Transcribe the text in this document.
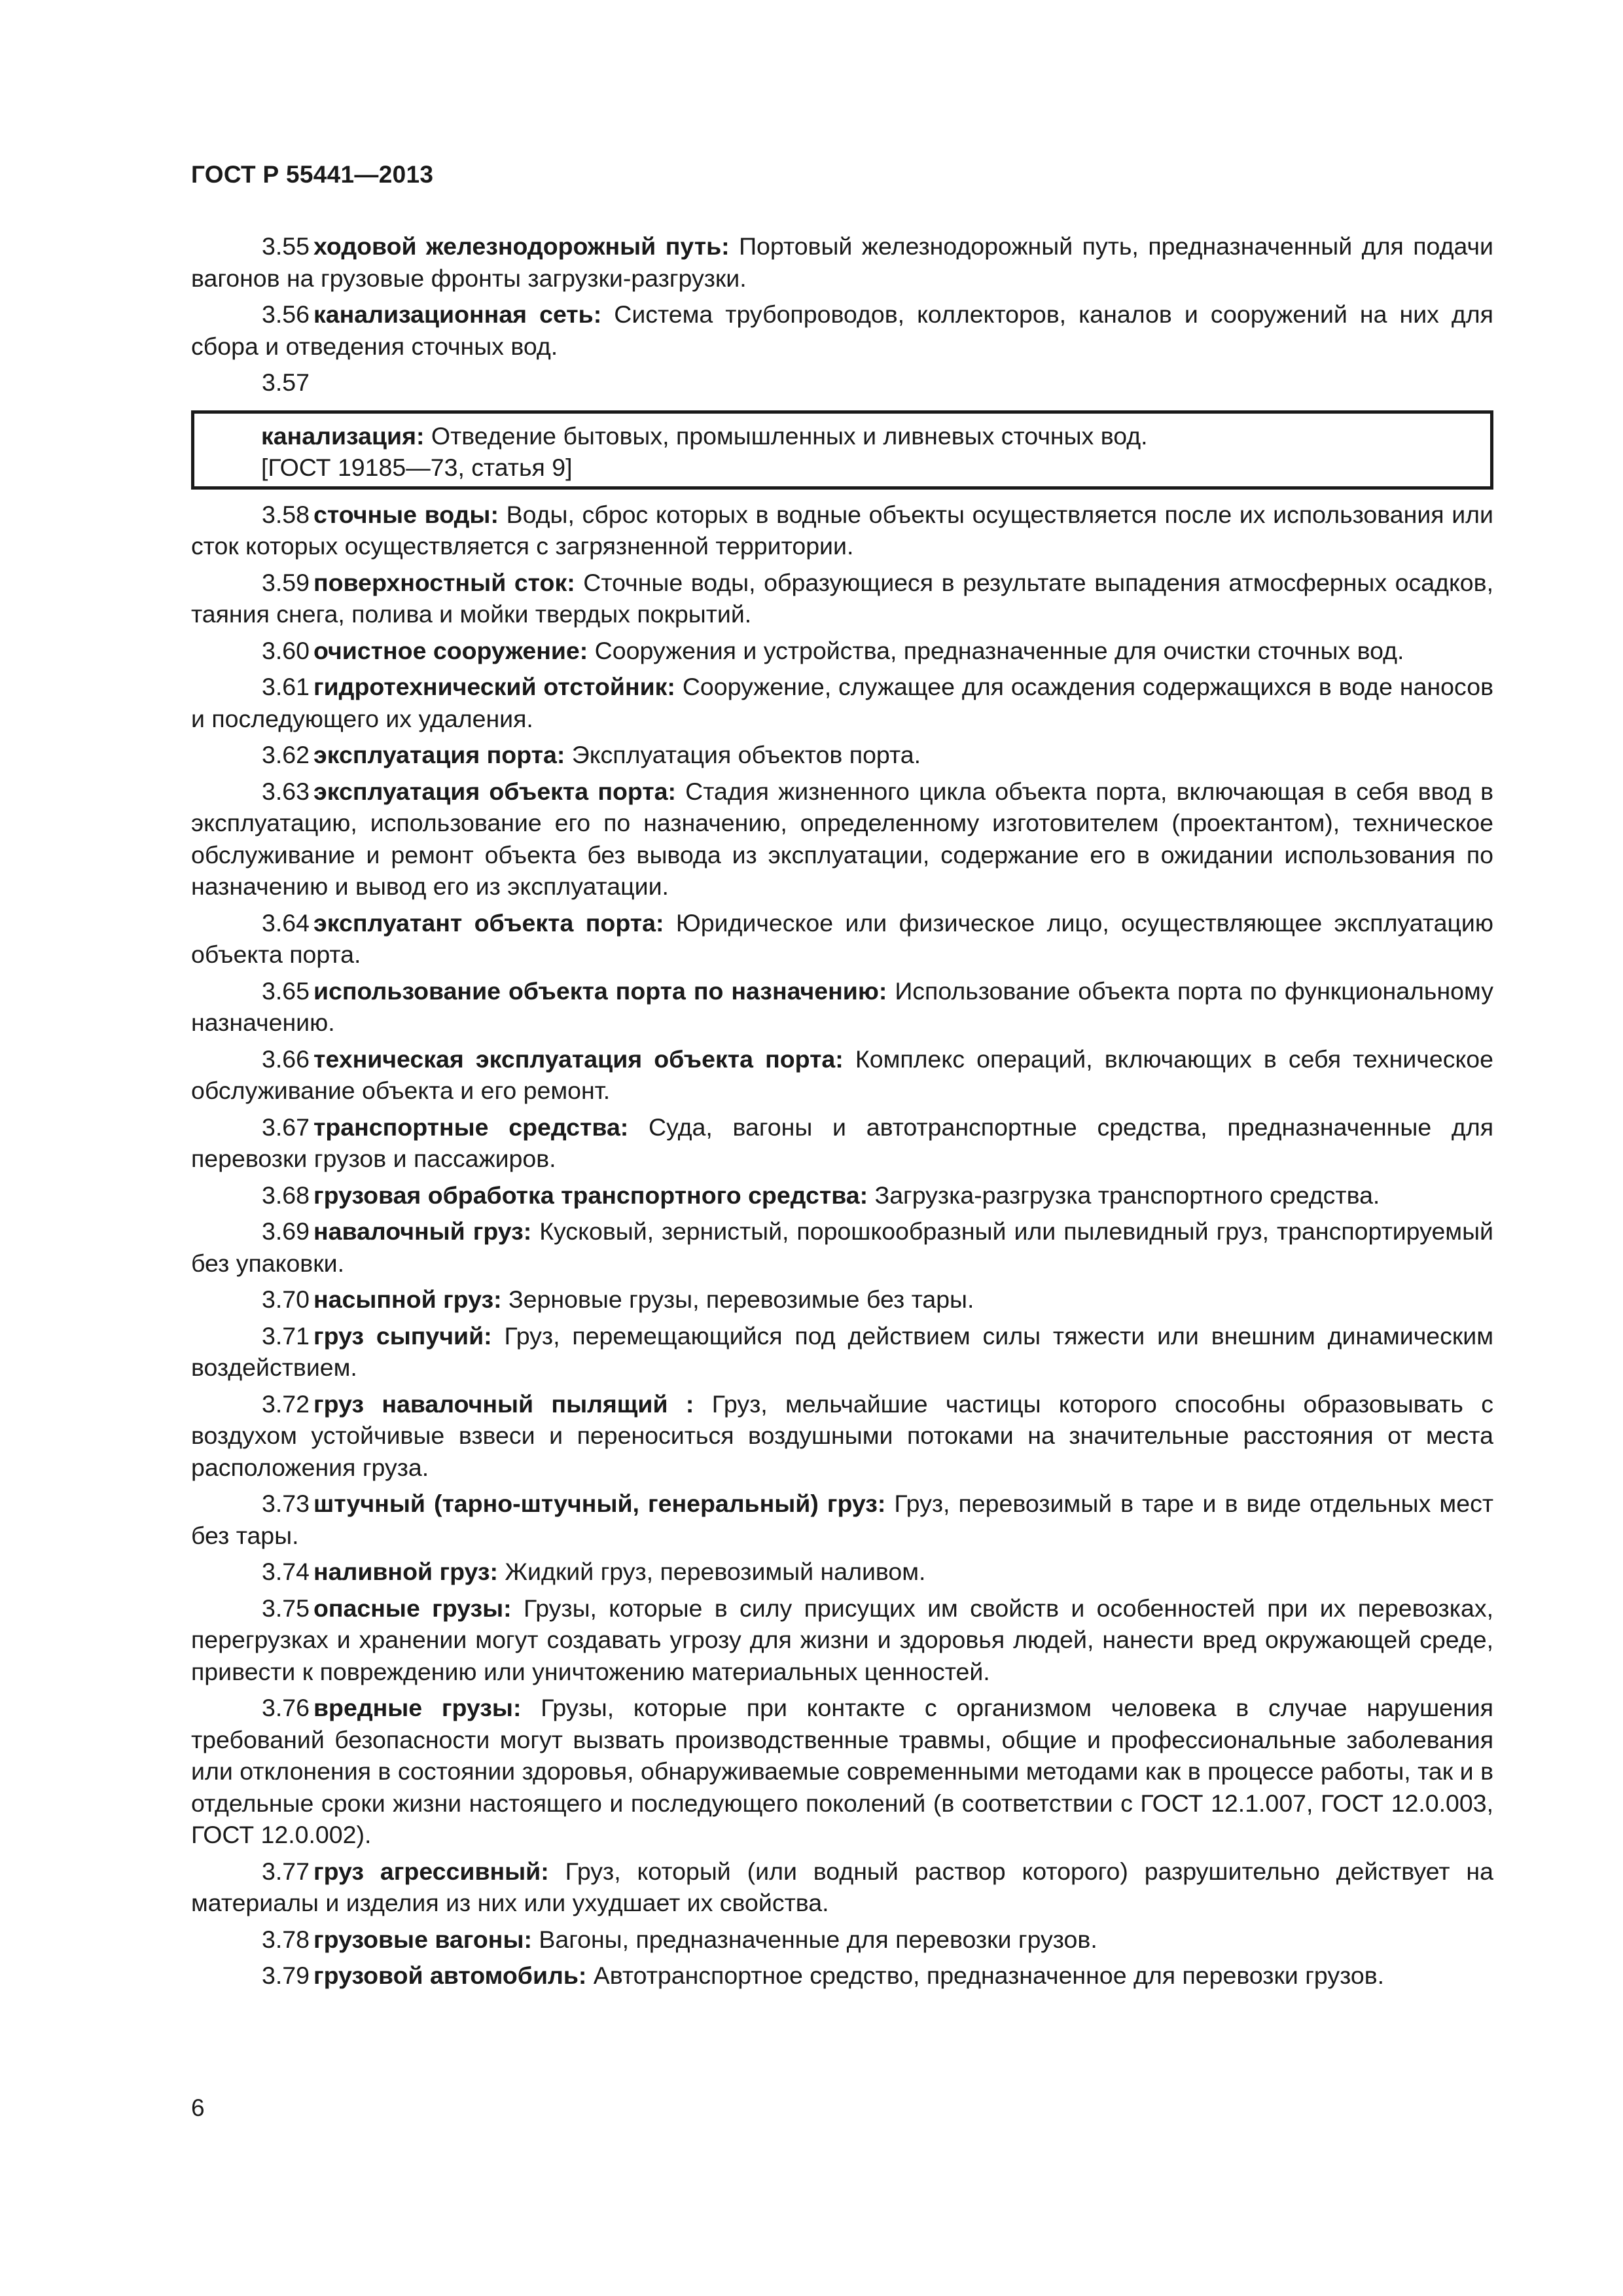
ГОСТ Р 55441—2013

3.55 ходовой железнодорожный путь: Портовый железнодорожный путь, предназначенный для подачи вагонов на грузовые фронты загрузки-разгрузки.

3.56 канализационная сеть: Система трубопроводов, коллекторов, каналов и сооружений на них для сбора и отведения сточных вод.

3.57

канализация: Отведение бытовых, промышленных и ливневых сточных вод.
[ГОСТ 19185—73, статья 9]

3.58 сточные воды: Воды, сброс которых в водные объекты осуществляется после их использования или сток которых осуществляется с загрязненной территории.

3.59 поверхностный сток: Сточные воды, образующиеся в результате выпадения атмосферных осадков, таяния снега, полива и мойки твердых покрытий.

3.60 очистное сооружение: Сооружения и устройства, предназначенные для очистки сточных вод.

3.61 гидротехнический отстойник: Сооружение, служащее для осаждения содержащихся в воде наносов и последующего их удаления.

3.62 эксплуатация порта: Эксплуатация объектов порта.

3.63 эксплуатация объекта порта: Стадия жизненного цикла объекта порта, включающая в себя ввод в эксплуатацию, использование его по назначению, определенному изготовителем (проектантом), техническое обслуживание и ремонт объекта без вывода из эксплуатации, содержание его в ожидании использования по назначению и вывод его из эксплуатации.

3.64 эксплуатант объекта порта: Юридическое или физическое лицо, осуществляющее эксплуатацию объекта порта.

3.65 использование объекта порта по назначению: Использование объекта порта по функциональному назначению.

3.66 техническая эксплуатация объекта порта: Комплекс операций, включающих в себя техническое обслуживание объекта и его ремонт.

3.67 транспортные средства: Суда, вагоны и автотранспортные средства, предназначенные для перевозки грузов и пассажиров.

3.68 грузовая обработка транспортного средства: Загрузка-разгрузка транспортного средства.

3.69 навалочный груз: Кусковый, зернистый, порошкообразный или пылевидный груз, транспортируемый без упаковки.

3.70 насыпной груз: Зерновые грузы, перевозимые без тары.

3.71 груз сыпучий: Груз, перемещающийся под действием силы тяжести или внешним динамическим воздействием.

3.72 груз навалочный пылящий : Груз, мельчайшие частицы которого способны образовывать с воздухом устойчивые взвеси и переноситься воздушными потоками на значительные расстояния от места расположения груза.

3.73 штучный (тарно-штучный, генеральный) груз: Груз, перевозимый в таре и в виде отдельных мест без тары.

3.74 наливной груз: Жидкий груз, перевозимый наливом.

3.75 опасные грузы: Грузы, которые в силу присущих им свойств и особенностей при их перевозках, перегрузках и хранении могут создавать угрозу для жизни и здоровья людей, нанести вред окружающей среде, привести к повреждению или уничтожению материальных ценностей.

3.76 вредные грузы: Грузы, которые при контакте с организмом человека в случае нарушения требований безопасности могут вызвать производственные травмы, общие и профессиональные заболевания или отклонения в состоянии здоровья, обнаруживаемые современными методами как в процессе работы, так и в отдельные сроки жизни настоящего и последующего поколений (в соответствии с ГОСТ 12.1.007, ГОСТ 12.0.003, ГОСТ 12.0.002).

3.77 груз агрессивный: Груз, который (или водный раствор которого) разрушительно действует на материалы и изделия из них или ухудшает их свойства.

3.78 грузовые вагоны: Вагоны, предназначенные для перевозки грузов.

3.79 грузовой автомобиль: Автотранспортное средство, предназначенное для перевозки грузов.

6
